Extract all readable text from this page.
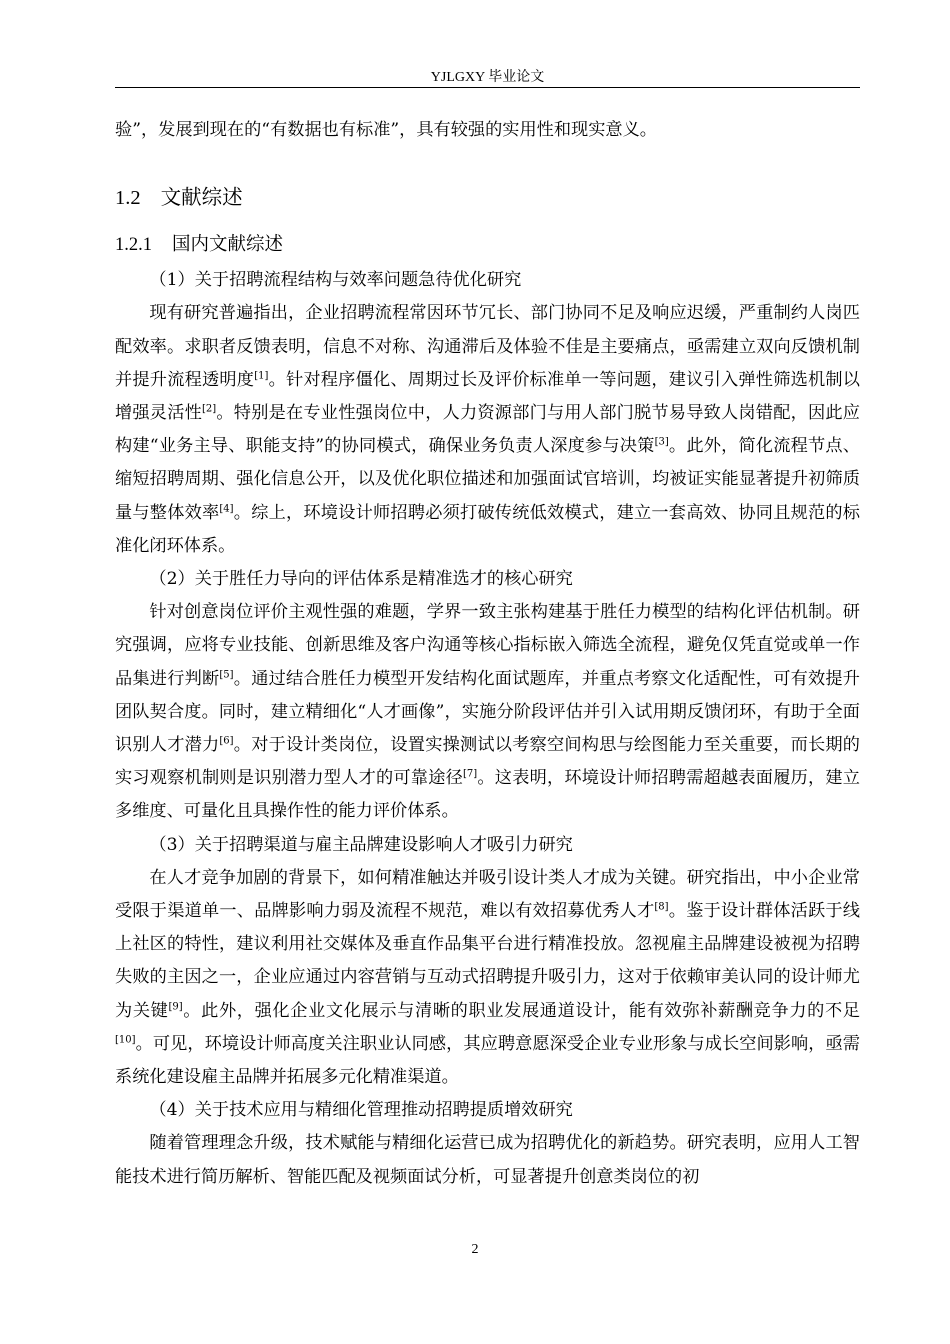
YJLGXY 毕业论文

验”，发展到现在的“有数据也有标准”，具有较强的实用性和现实意义。

1.2 文献综述
1.2.1 国内文献综述

（1）关于招聘流程结构与效率问题急待优化研究

现有研究普遍指出，企业招聘流程常因环节冗长、部门协同不足及响应迟缓，严重制约人岗匹配效率。求职者反馈表明，信息不对称、沟通滞后及体验不佳是主要痛点，亟需建立双向反馈机制并提升流程透明度[1]。针对程序僵化、周期过长及评价标准单一等问题，建议引入弹性筛选机制以增强灵活性[2]。特别是在专业性强岗位中，人力资源部门与用人部门脱节易导致人岗错配，因此应构建“业务主导、职能支持”的协同模式，确保业务负责人深度参与决策[3]。此外，简化流程节点、缩短招聘周期、强化信息公开，以及优化职位描述和加强面试官培训，均被证实能显著提升初筛质量与整体效率[4]。综上，环境设计师招聘必须打破传统低效模式，建立一套高效、协同且规范的标准化闭环体系。

（2）关于胜任力导向的评估体系是精准选才的核心研究

针对创意岗位评价主观性强的难题，学界一致主张构建基于胜任力模型的结构化评估机制。研究强调，应将专业技能、创新思维及客户沟通等核心指标嵌入筛选全流程，避免仅凭直觉或单一作品集进行判断[5]。通过结合胜任力模型开发结构化面试题库，并重点考察文化适配性，可有效提升团队契合度。同时，建立精细化“人才画像”，实施分阶段评估并引入试用期反馈闭环，有助于全面识别人才潜力[6]。对于设计类岗位，设置实操测试以考察空间构思与绘图能力至关重要，而长期的实习观察机制则是识别潜力型人才的可靠途径[7]。这表明，环境设计师招聘需超越表面履历，建立多维度、可量化且具操作性的能力评价体系。

（3）关于招聘渠道与雇主品牌建设影响人才吸引力研究

在人才竞争加剧的背景下，如何精准触达并吸引设计类人才成为关键。研究指出，中小企业常受限于渠道单一、品牌影响力弱及流程不规范，难以有效招募优秀人才[8]。鉴于设计群体活跃于线上社区的特性，建议利用社交媒体及垂直作品集平台进行精准投放。忽视雇主品牌建设被视为招聘失败的主因之一，企业应通过内容营销与互动式招聘提升吸引力，这对于依赖审美认同的设计师尤为关键[9]。此外，强化企业文化展示与清晰的职业发展通道设计，能有效弥补薪酬竞争力的不足[10]。可见，环境设计师高度关注职业认同感，其应聘意愿深受企业专业形象与成长空间影响，亟需系统化建设雇主品牌并拓展多元化精准渠道。

（4）关于技术应用与精细化管理推动招聘提质增效研究

随着管理理念升级，技术赋能与精细化运营已成为招聘优化的新趋势。研究表明，应用人工智能技术进行简历解析、智能匹配及视频面试分析，可显著提升创意类岗位的初

2
